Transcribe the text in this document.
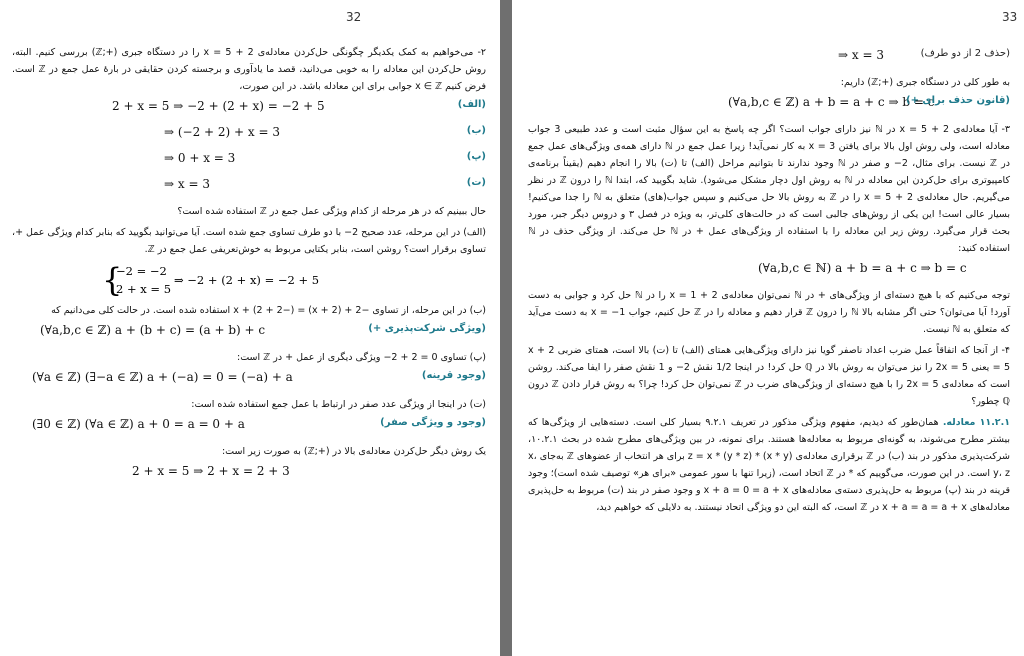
32

۲- می‌خواهیم به کمک یکدیگر چگونگی حل‌کردن معادله‌ی 2 + x = 5 را در دستگاه جبری (+;ℤ) بررسی کنیم. البته، روش حل‌کردن این معادله را به خوبی می‌دانید، قصد ما یادآوری و برجسته کردن حقایقی در بارهٔ عمل جمع در ℤ است. فرض کنیم x ∈ ℤ جوابی برای این معادله باشد. در این صورت،

2 + x = 5 ⇒ −2 + (2 + x) = −2 + 5	(الف)
⇒ (−2 + 2) + x = 3	(ب)
⇒ 0 + x = 3	(پ)
⇒ x = 3	(ت)

حال ببینیم که در هر مرحله از کدام ویژگی عمل جمع در ℤ استفاده شده است؟

(الف) در این مرحله، عدد صحیح 2− با دو طرف تساوی جمع شده است. آیا می‌توانید بگویید که بنابر کدام ویژگی عمل +، تساوی برقرار است؟ روشن است، بنابر یکتایی مربوط به خوش‌تعریفی عمل جمع در ℤ.

{
−2 = −2
2 + x = 5
⇒ −2 + (2 + x) = −2 + 5

(ب) در این مرحله، از تساوی −2 + (2 + x) = (−2 + 2) + x استفاده شده است. در حالت کلی می‌دانیم که

(∀a,b,c ∈ ℤ) a + (b + c) = (a + b) + c	(ویژگی شرکت‌پذیری +)

(پ) تساوی 0 = 2 + 2− ویژگی دیگری از عمل + در ℤ است:

(∀a ∈ ℤ) (∃−a ∈ ℤ) a + (−a) = 0 = (−a) + a	(وجود قرینه)

(ت) در اینجا از ویژگی عدد صفر در ارتباط با عمل جمع استفاده شده است:

(∃0 ∈ ℤ) (∀a ∈ ℤ) a + 0 = a = 0 + a	(وجود و ویژگی صفر)

یک روش دیگر حل‌کردن معادله‌ی بالا در (+;ℤ) به صورت زیر است:

2 + x = 5 ⇒ 2 + x = 2 + 3
33
⇒ x = 3	(حذف 2 از دو طرف)

به طور کلی در دستگاه جبری (+;ℤ) داریم:

(∀a,b,c ∈ ℤ) a + b = a + c ⇒ b = c
(قانون حذف برای +)

۳- آیا معادله‌ی 2 + x = 5 در ℕ نیز دارای جواب است؟ اگر چه پاسخ به این سؤال مثبت است و عدد طبیعی 3 جواب معادله است، ولی روش اول بالا برای یافتن x = 3 به کار نمی‌آید! زیرا عمل جمع در ℕ دارای همه‌ی ویژگی‌های عمل جمع در ℤ نیست. برای مثال، 2− و صفر در ℕ وجود ندارند تا بتوانیم مراحل (الف) تا (ت) بالا را انجام دهیم (یقیناً برنامه‌ی کامپیوتری برای حل‌کردن این معادله در ℕ به روش اول دچار مشکل می‌شود). شاید بگویید که، ابتدا ℕ را درون ℤ در نظر می‌گیریم. حال معادله‌ی 2 + x = 5 را در ℤ به روش بالا حل می‌کنیم و سپس جواب(های) متعلق به ℕ را جدا می‌کنیم! بسیار عالی است! این یکی از روش‌های جالبی است که در حالت‌های کلی‌تر، به ویژه در فصل ۳ و دروس دیگر جبر، مورد بحث قرار می‌گیرد. روش زیر این معادله را با استفاده از ویژگی‌های عمل + در ℕ حل می‌کند. از ویژگی حذف در ℕ استفاده کنید:

(∀a,b,c ∈ ℕ) a + b = a + c ⇒ b = c

توجه می‌کنیم که با هیچ دسته‌ای از ویژگی‌های + در ℕ نمی‌توان معادله‌ی 2 + x = 1 را در ℕ حل کرد و جوابی به دست آورد! آیا می‌توان؟ حتی اگر مشابه بالا ℕ را درون ℤ قرار دهیم و معادله را در ℤ حل کنیم، جواب 1− = x به دست می‌آید که متعلق به ℕ نیست.

۴- از آنجا که اتفاقاً عمل ضرب اعداد ناصفر گویا نیز دارای ویژگی‌هایی همتای (الف) تا (ت) بالا است، همتای ضربی 2 + x = 5 یعنی 2x = 5 را نیز می‌توان به روش بالا در ℚ حل کرد! در اینجا 1/2 نقش 2− و 1 نقش صفر را ایفا می‌کند. روشن است که معادله‌ی 2x = 5 را با هیچ دسته‌ای از ویژگی‌های ضرب در ℤ نمی‌توان حل کرد! چرا؟ به روش قرار دادن ℤ درون ℚ چطور؟

۱۱.۲.۱ معادله. همان‌طور که دیدیم، مفهوم ویژگی مذکور در تعریف ۹.۲.۱ بسیار کلی است. دسته‌هایی از ویژگی‌ها که بیشتر مطرح می‌شوند، به گونه‌ای مربوط به معادله‌ها هستند. برای نمونه، در بین ویژگی‌های مطرح شده در بحث ۱۰.۲.۱، شرکت‌پذیری مذکور در بند (ب) در ℤ برقراری معادله‌ی (x * y) * z = x * (y * z) برای هر انتخاب از عضوهای ℤ به‌جای x، y، z است. در این صورت، می‌گوییم که * در ℤ اتحاد است، (زیرا تنها با سور عمومی «برای هر» توصیف شده است)؛ وجود قرینه در بند (پ) مربوط به حل‌پذیری دسته‌ی معادله‌های x + a = 0 = a + x و وجود صفر در بند (ت) مربوط به حل‌پذیری معادله‌های x + a = a = a + x در ℤ است، که البته این دو ویژگی اتحاد نیستند. به دلایلی که خواهیم دید،
